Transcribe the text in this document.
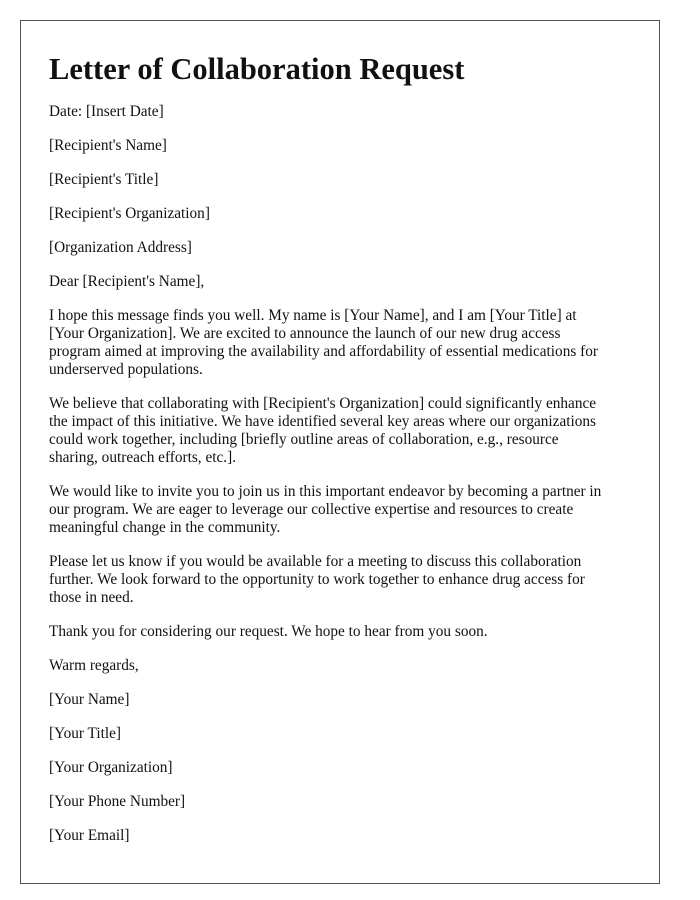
Letter of Collaboration Request

Date: [Insert Date]

[Recipient's Name]

[Recipient's Title]

[Recipient's Organization]

[Organization Address]

Dear [Recipient's Name],

I hope this message finds you well. My name is [Your Name], and I am [Your Title] at
[Your Organization]. We are excited to announce the launch of our new drug access
program aimed at improving the availability and affordability of essential medications for
underserved populations.
We believe that collaborating with [Recipient's Organization] could significantly enhance
the impact of this initiative. We have identified several key areas where our organizations
could work together, including [briefly outline areas of collaboration, e.g., resource
sharing, outreach efforts, etc.].
We would like to invite you to join us in this important endeavor by becoming a partner in
our program. We are eager to leverage our collective expertise and resources to create
meaningful change in the community.
Please let us know if you would be available for a meeting to discuss this collaboration
further. We look forward to the opportunity to work together to enhance drug access for
those in need.
Thank you for considering our request. We hope to hear from you soon.

Warm regards,

[Your Name]

[Your Title]

[Your Organization]

[Your Phone Number]

[Your Email]
